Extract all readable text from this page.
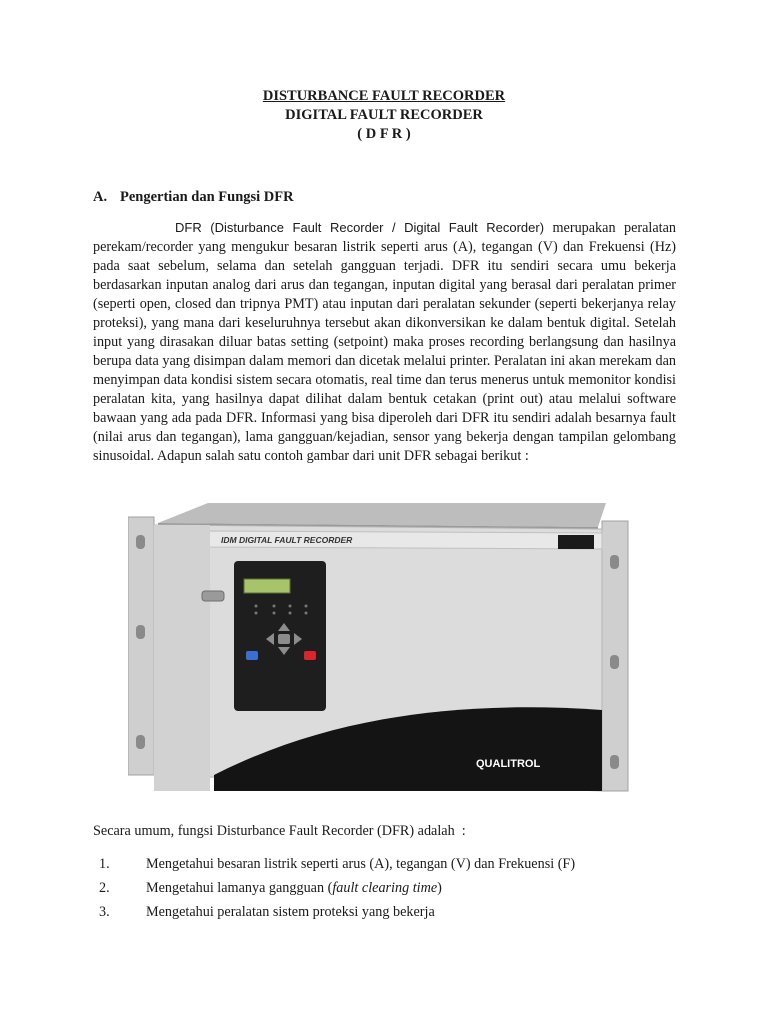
DISTURBANCE FAULT RECORDER
DIGITAL FAULT RECORDER
( D F R )
A. Pengertian dan Fungsi DFR

DFR (Disturbance Fault Recorder / Digital Fault Recorder) merupakan peralatan perekam/recorder yang mengukur besaran listrik seperti arus (A), tegangan (V) dan Frekuensi (Hz) pada saat sebelum, selama dan setelah gangguan terjadi. DFR itu sendiri secara umu bekerja berdasarkan inputan analog dari arus dan tegangan, inputan digital yang berasal dari peralatan primer (seperti open, closed dan tripnya PMT) atau inputan dari peralatan sekunder (seperti bekerjanya relay proteksi), yang mana dari keseluruhnya tersebut akan dikonversikan ke dalam bentuk digital. Setelah input yang dirasakan diluar batas setting (setpoint) maka proses recording berlangsung dan hasilnya berupa data yang disimpan dalam memori dan dicetak melalui printer. Peralatan ini akan merekam dan menyimpan data kondisi sistem secara otomatis, real time dan terus menerus untuk memonitor kondisi peralatan kita, yang hasilnya dapat dilihat dalam bentuk cetakan (print out) atau melalui software bawaan yang ada pada DFR. Informasi yang bisa diperoleh dari DFR itu sendiri adalah besarnya fault (nilai arus dan tegangan), lama gangguan/kejadian, sensor yang bekerja dengan tampilan gelombang sinusoidal. Adapun salah satu contoh gambar dari unit DFR sebagai berikut :

IDM DIGITAL FAULT RECORDER
QUALITROL
Secara umum, fungsi Disturbance Fault Recorder (DFR) adalah  :
1.	Mengetahui besaran listrik seperti arus (A), tegangan (V) dan Frekuensi (F)
2.	Mengetahui lamanya gangguan (fault clearing time)
3.	Mengetahui peralatan sistem proteksi yang bekerja
